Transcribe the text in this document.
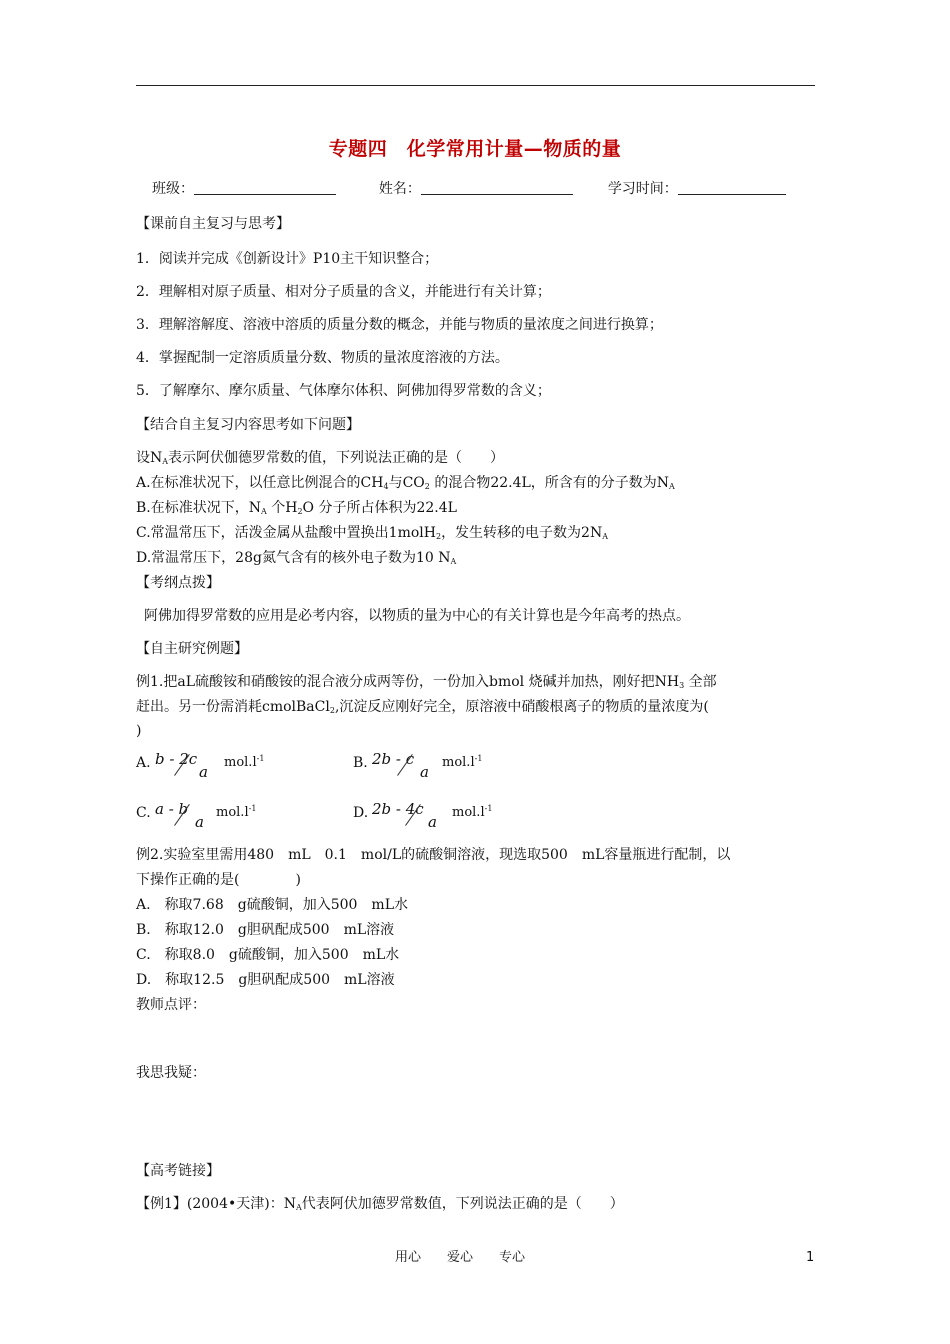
专题四　化学常用计量—物质的量
班级：	姓名：	学习时间：
【课前自主复习与思考】
1．阅读并完成《创新设计》P10主干知识整合；
2．理解相对原子质量、相对分子质量的含义，并能进行有关计算；
3．理解溶解度、溶液中溶质的质量分数的概念，并能与物质的量浓度之间进行换算；
4．掌握配制一定溶质质量分数、物质的量浓度溶液的方法。
5．了解摩尔、摩尔质量、气体摩尔体积、阿佛加得罗常数的含义；
【结合自主复习内容思考如下问题】
设$N_A$表示阿伏伽德罗常数的值，下列说法正确的是（　　）
A.在标准状况下，以任意比例混合的$CH_4$与$CO_2$ 的混合物22.4L，所含有的分子数为$N_A$
B.在标准状况下，$N_A$ 个$H_2O$ 分子所占体积为22.4L
C.常温常压下，活泼金属从盐酸中置换出1molH$_2$，发生转移的电子数为$2N_A$
D.常温常压下，28g氮气含有的核外电子数为10 $N_A$
【考纲点拨】
阿佛加得罗常数的应用是必考内容，以物质的量为中心的有关计算也是今年高考的热点。
【自主研究例题】
例1.把aL硫酸铵和硝酸铵的混合液分成两等份，一份加入bmol 烧碱并加热，刚好把$NH_3$ 全部
赶出。另一份需消耗cmolBaCl$_2$,沉淀反应刚好完全，原溶液中硝酸根离子的物质的量浓度为(
)
A. b - 2c
a
$mol.l^{-1}$	B. 2b - c
a
$mol.l^{-1}$
C. a - b
a
$mol.l^{-1}$	D. 2b - 4c
a
$mol.l^{-1}$
例2.实验室里需用480　mL　0.1　mol/L的硫酸铜溶液，现选取500　mL容量瓶进行配制，以
下操作正确的是(　　　　)
A.　称取7.68　g硫酸铜，加入500　mL水
B.　称取12.0　g胆矾配成500　mL溶液
C.　称取8.0　g硫酸铜，加入500　mL水
D.　称取12.5　g胆矾配成500　mL溶液
教师点评：
我思我疑：
【高考链接】
【例1】(2004•天津)：$N_A$代表阿伏加德罗常数值，下列说法正确的是（　　）
用心　　爱心　　专心	1
